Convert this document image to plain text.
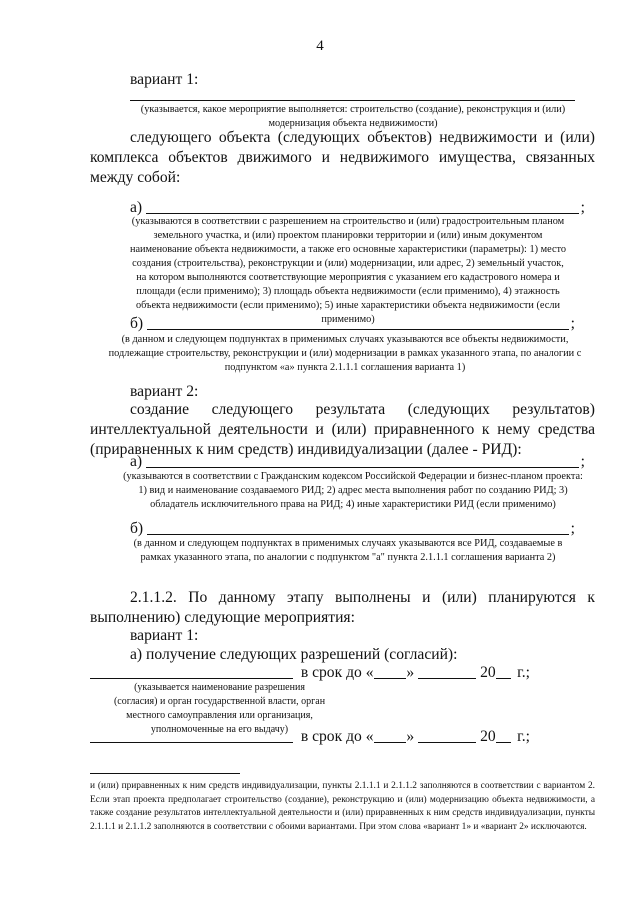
4
вариант 1:
(указывается, какое мероприятие выполняется: строительство (создание), реконструкция и (или) модернизация объекта недвижимости)
следующего объекта (следующих объектов) недвижимости и (или) комплекса объектов движимого и недвижимого имущества, связанных между собой:
а)	;
(указываются в соответствии с разрешением на строительство и (или) градостроительным планом земельного участка, и (или) проектом планировки территории и (или) иным документом наименование объекта недвижимости, а также его основные характеристики (параметры): 1) место создания (строительства), реконструкции и (или) модернизации, или адрес, 2) земельный участок, на котором выполняются соответствующие мероприятия с указанием его кадастрового номера и площади (если применимо); 3) площадь объекта недвижимости (если применимо), 4) этажность объекта недвижимости (если применимо); 5) иные характеристики объекта недвижимости (если применимо)
б)	;
(в данном и следующем подпунктах в применимых случаях указываются все объекты недвижимости, подлежащие строительству, реконструкции и (или) модернизации в рамках указанного этапа, по аналогии с подпунктом «а» пункта 2.1.1.1 соглашения варианта 1)
вариант 2:
создание следующего результата (следующих результатов) интеллектуальной деятельности и (или) приравненного к нему средства (приравненных к ним средств) индивидуализации (далее - РИД):
а)	;
(указываются в соответствии с Гражданским кодексом Российской Федерации и бизнес-планом проекта: 1) вид и наименование создаваемого РИД; 2) адрес места выполнения работ по созданию РИД; 3) обладатель исключительного права на РИД; 4) иные характеристики РИД (если применимо)
б)	;
(в данном и следующем подпунктах в применимых случаях указываются все РИД, создаваемые в рамках указанного этапа, по аналогии с подпунктом "а" пункта 2.1.1.1 соглашения варианта 2)
2.1.1.2. По данному этапу выполнены и (или) планируются к выполнению) следующие мероприятия:
вариант 1:
а) получение следующих разрешений (согласий):
в срок до « »	20 г.;
(указывается наименование разрешения (согласия) и орган государственной власти, орган местного самоуправления или организация, уполномоченные на его выдачу) в срок до « »	20 г.;
и (или) приравненных к ним средств индивидуализации, пункты 2.1.1.1 и 2.1.1.2 заполняются в соответствии с вариантом 2. Если этап проекта предполагает строительство (создание), реконструкцию и (или) модернизацию объекта недвижимости, а также создание результатов интеллектуальной деятельности и (или) приравненных к ним средств индивидуализации, пункты 2.1.1.1 и 2.1.1.2 заполняются в соответствии с обоими вариантами. При этом слова «вариант 1» и «вариант 2» исключаются.
